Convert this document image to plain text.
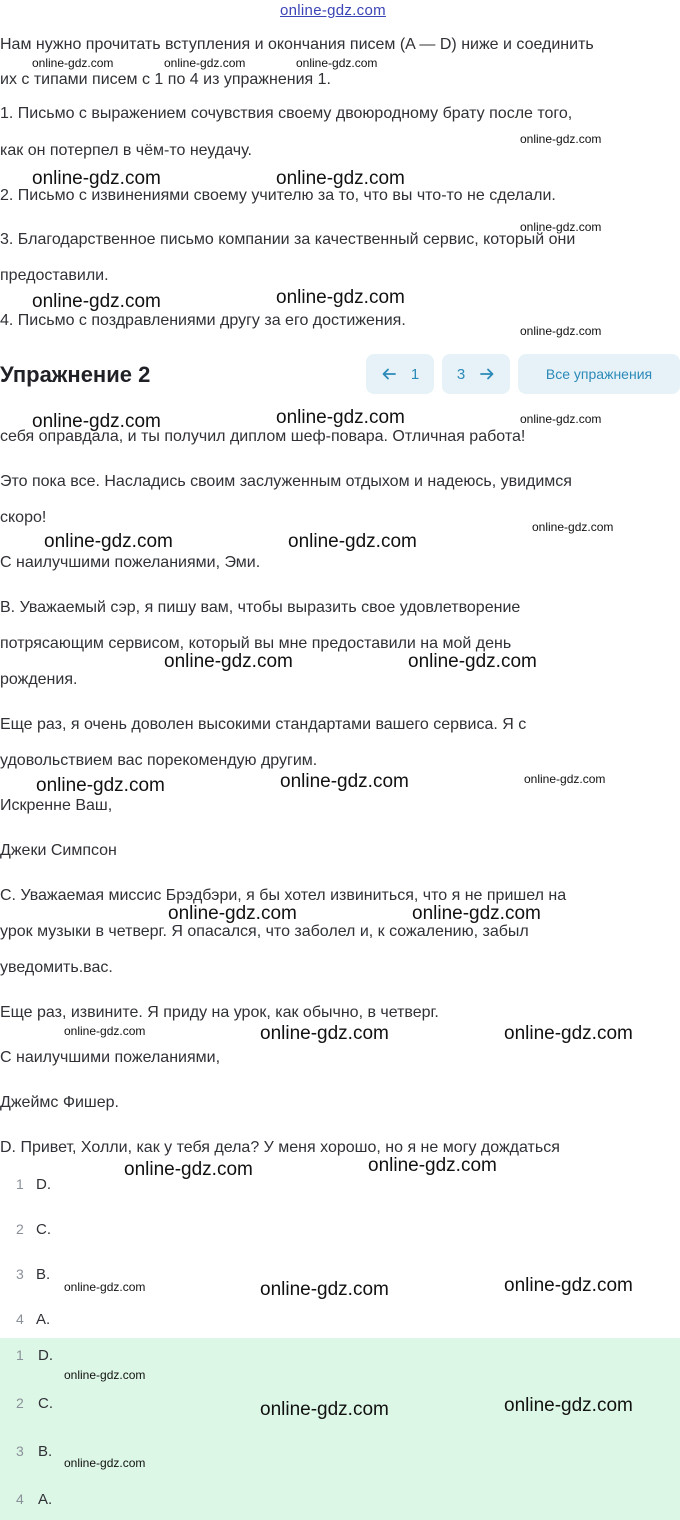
online-gdz.com
online-gdz.com	online-gdz.com	online-gdz.com
Нам нужно прочитать вступления и окончания писем (A — D) ниже и соединить
их с типами писем с 1 по 4 из упражнения 1.
1. Письмо с выражением сочувствия своему двоюродному брату после того,
как он потерпел в чём-то неудачу.
online-gdz.com
online-gdz.com	online-gdz.com
2. Письмо с извинениями своему учителю за то, что вы что-то не сделали.
online-gdz.com
3. Благодарственное письмо компании за качественный сервис, который они
предоставили.
online-gdz.com	online-gdz.com
4. Письмо с поздравлениями другу за его достижения.
online-gdz.com
Упражнение 2	1	3	Все упражнения
online-gdz.com	online-gdz.com	online-gdz.com
себя оправдала, и ты получил диплом шеф-повара. Отличная работа!
Это пока все. Насладись своим заслуженным отдыхом и надеюсь, увидимся
скоро!
online-gdz.com
online-gdz.com	online-gdz.com
С наилучшими пожеланиями, Эми.
B. Уважаемый сэр, я пишу вам, чтобы выразить свое удовлетворение
потрясающим сервисом, который вы мне предоставили на мой день
online-gdz.com	online-gdz.com
рождения.
Еще раз, я очень доволен высокими стандартами вашего сервиса. Я с
удовольствием вас порекомендую другим.
online-gdz.com	online-gdz.com	online-gdz.com
Искренне Ваш,
Джеки Симпсон
C. Уважаемая миссис Брэдбэри, я бы хотел извиниться, что я не пришел на
online-gdz.com	online-gdz.com
урок музыки в четверг. Я опасался, что заболел и, к сожалению, забыл
уведомить.вас.
Еще раз, извините. Я приду на урок, как обычно, в четверг.
online-gdz.com	online-gdz.com	online-gdz.com
С наилучшими пожеланиями,
Джеймс Фишер.
D. Привет, Холли, как у тебя дела? У меня хорошо, но я не могу дождаться
online-gdz.com	online-gdz.com
1 D.
2 C.
3 B.
online-gdz.com	online-gdz.com	online-gdz.com
4 A.
1 D.
online-gdz.com
2 C.	online-gdz.com	online-gdz.com
3 B.
online-gdz.com
4 A.
